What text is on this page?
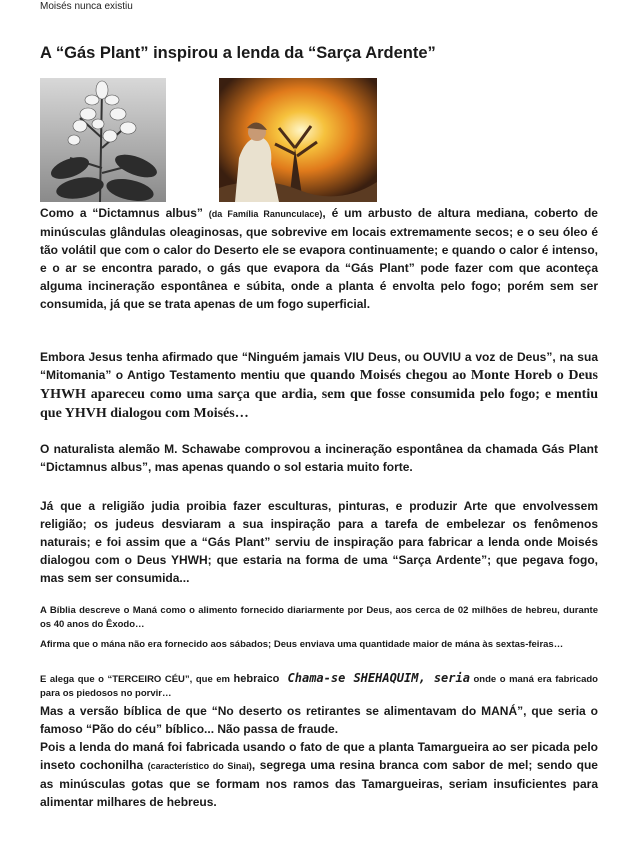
Moisés nunca existiu
A “Gás Plant” inspirou a lenda da “Sarça Ardente”

Como a “Dictamnus albus” (da Família Ranunculace), é um arbusto de altura mediana, coberto de minúsculas glândulas oleaginosas, que sobrevive em locais extremamente secos; e o seu óleo é tão volátil que com o calor do Deserto ele se evapora continuamente; e quando o calor é intenso, e o ar se encontra parado, o gás que evapora da “Gás Plant” pode fazer com que aconteça alguma incineração espontânea e súbita, onde a planta é envolta pelo fogo; porém sem ser consumida, já que se trata apenas de um fogo superficial.

Embora Jesus tenha afirmado que “Ninguém jamais VIU Deus, ou OUVIU a voz de Deus”, na sua “Mitomania” o Antigo Testamento mentiu que quando Moisés chegou ao Monte Horeb o Deus YHWH apareceu como uma sarça que ardia, sem que fosse consumida pelo fogo; e mentiu que YHVH dialogou com Moisés…

O naturalista alemão M. Schawabe comprovou a incineração espontânea da chamada Gás Plant “Dictamnus albus”, mas apenas quando o sol estaria muito forte.

Já que a religião judia proibia fazer esculturas, pinturas, e produzir Arte que envolvessem religião; os judeus desviaram a sua inspiração para a tarefa de embelezar os fenômenos naturais; e foi assim que a “Gás Plant” serviu de inspiração para fabricar a lenda onde Moisés dialogou com o Deus YHWH; que estaria na forma de uma “Sarça Ardente”; que pegava fogo, mas sem ser consumida...

A Bíblia descreve o Maná como o alimento fornecido diariarmente por Deus, aos cerca de 02 milhões de hebreu, durante os 40 anos do Êxodo…

Afirma que o mána não era fornecido aos sábados; Deus enviava uma quantidade maior de mána às sextas-feiras…

E alega que o “TERCEIRO CÉU”, que em hebraico Chama-se SHEHAQUIM, seria onde o maná era fabricado para os piedosos no porvir…

Mas a versão bíblica de que “No deserto os retirantes se alimentavam do MANÁ”, que seria o famoso “Pão do céu” bíblico... Não passa de fraude.

Pois a lenda do maná foi fabricada usando o fato de que a planta Tamargueira ao ser picada pelo inseto cochonilha (característico do Sinai), segrega uma resina branca com sabor de mel; sendo que as minúsculas gotas que se formam nos ramos das Tamargueiras, seriam insuficientes para alimentar milhares de hebreus.
